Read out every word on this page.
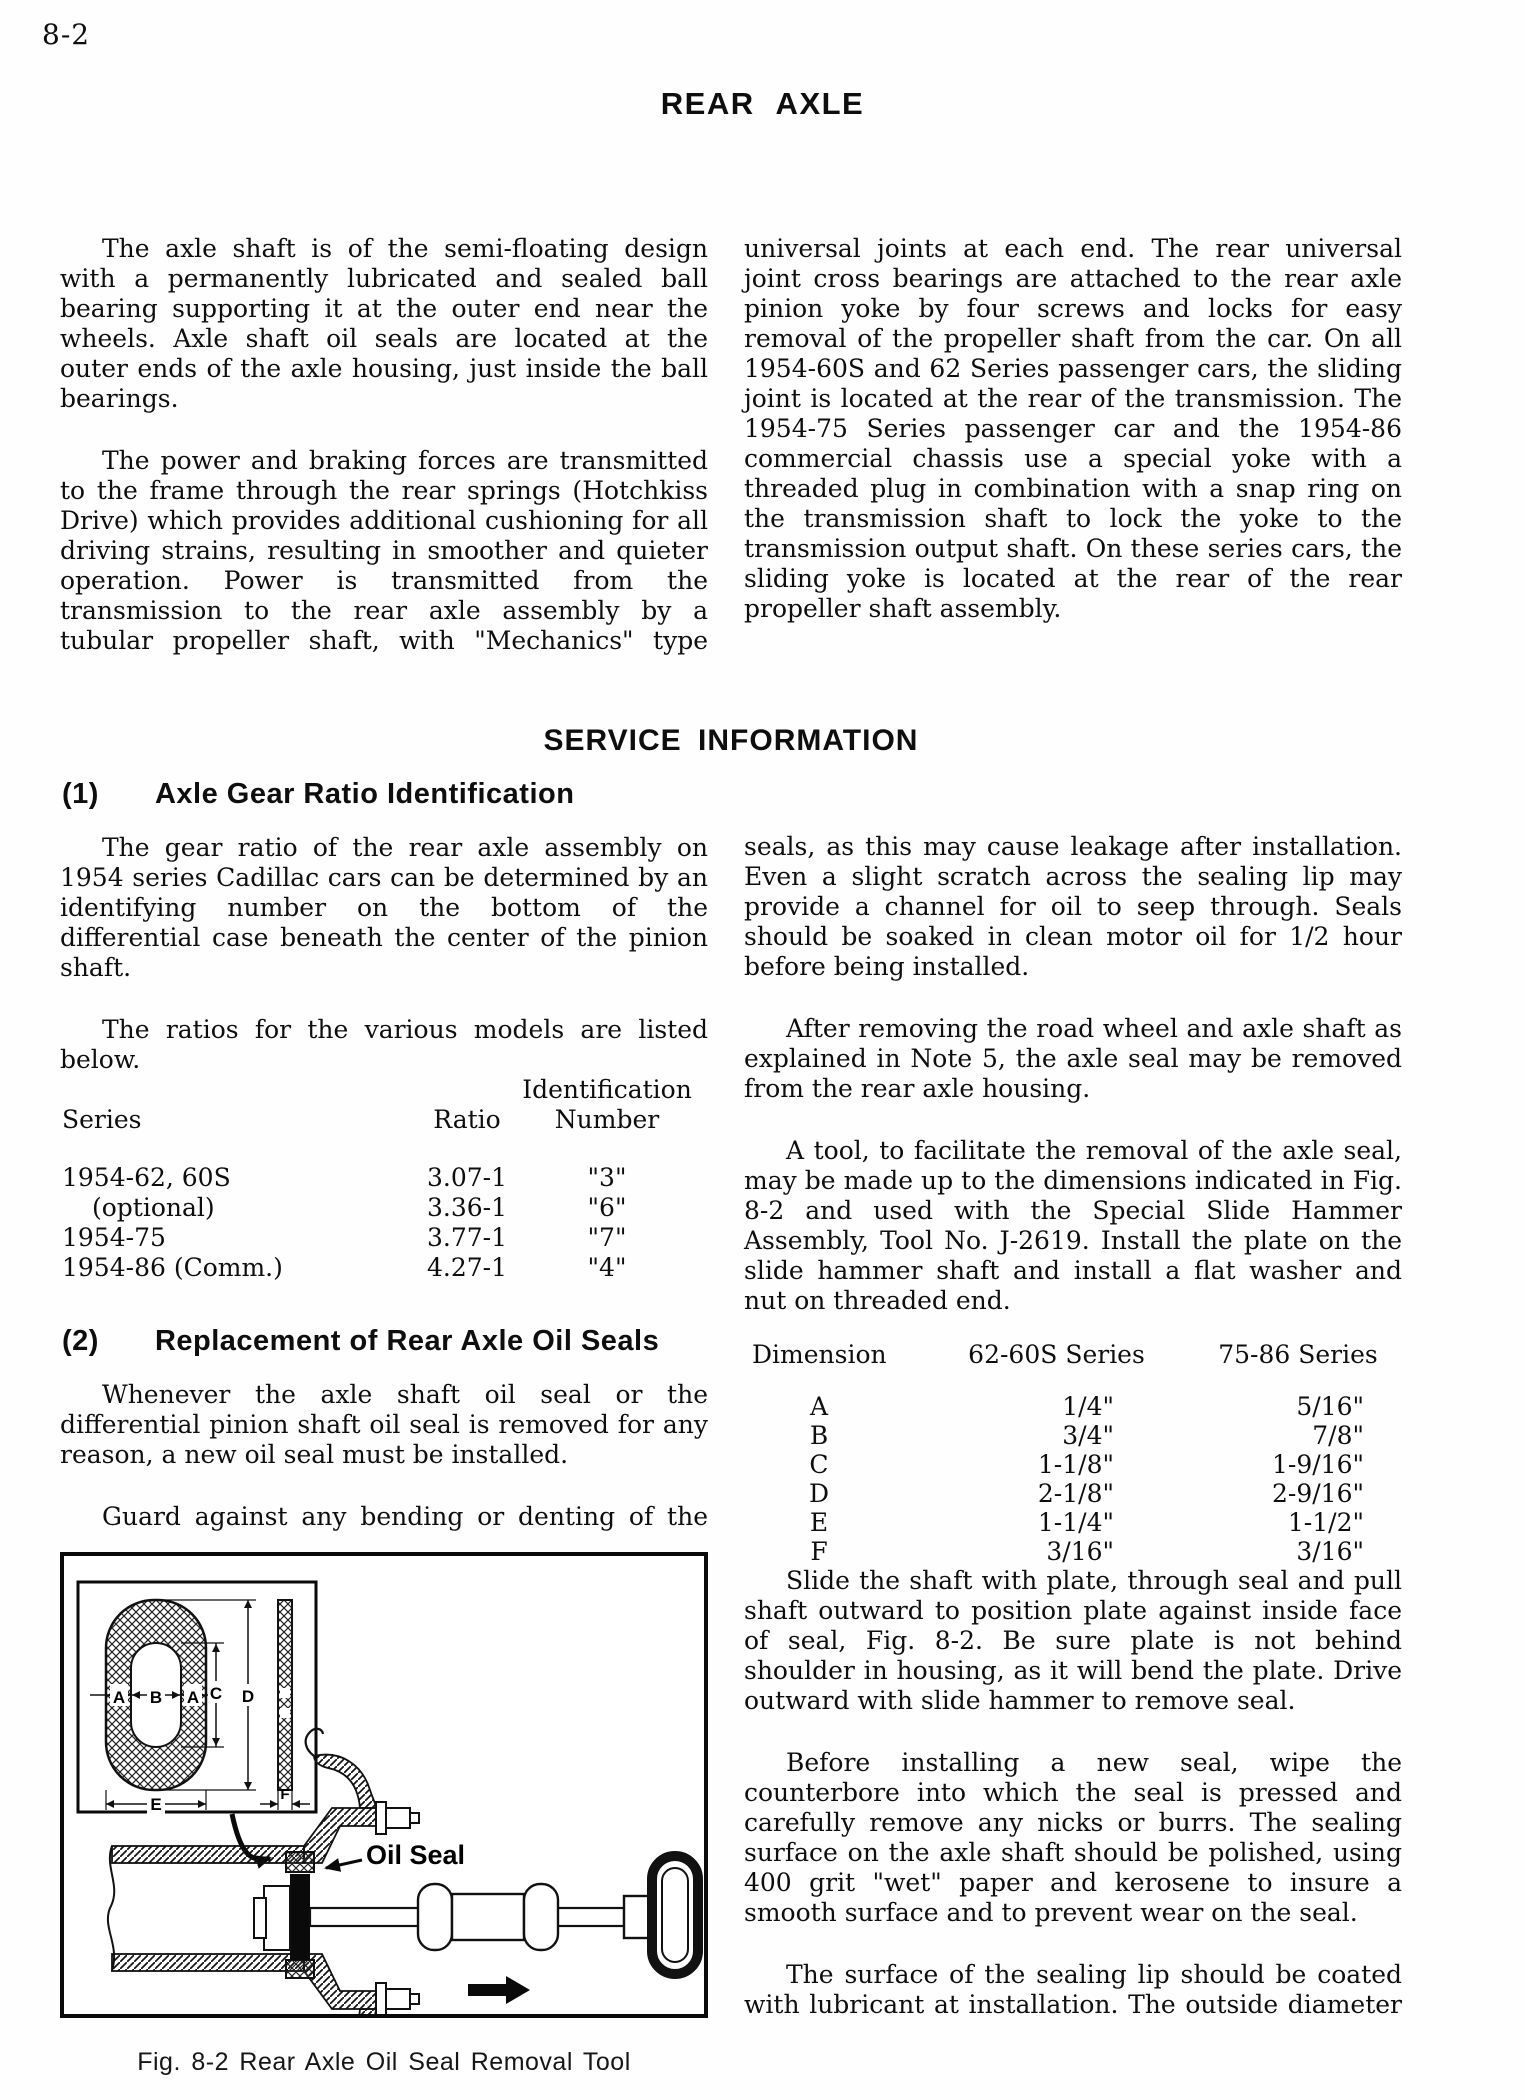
8-2
REAR AXLE

The axle shaft is of the semi-floating design with a permanently lubricated and sealed ball bearing supporting it at the outer end near the wheels. Axle shaft oil seals are located at the outer ends of the axle housing, just inside the ball bearings.

The power and braking forces are transmitted to the frame through the rear springs (Hotchkiss Drive) which provides additional cushioning for all driving strains, resulting in smoother and quieter operation. Power is transmitted from the transmission to the rear axle assembly by a tubular propeller shaft, with "Mechanics" type

universal joints at each end. The rear universal joint cross bearings are attached to the rear axle pinion yoke by four screws and locks for easy removal of the propeller shaft from the car. On all 1954-60S and 62 Series passenger cars, the sliding joint is located at the rear of the transmission. The 1954-75 Series passenger car and the 1954-86 commercial chassis use a special yoke with a threaded plug in combination with a snap ring on the transmission shaft to lock the yoke to the transmission output shaft. On these series cars, the sliding yoke is located at the rear of the rear propeller shaft assembly.

SERVICE INFORMATION
(1) Axle Gear Ratio Identification

The gear ratio of the rear axle assembly on 1954 series Cadillac cars can be determined by an identifying number on the bottom of the differential case beneath the center of the pinion shaft.

The ratios for the various models are listed below.

Identification
Series	Ratio	Number
1954-62, 60S	3.07-1	"3"
(optional)	3.36-1	"6"
1954-75	3.77-1	"7"
1954-86 (Comm.)	4.27-1	"4"
(2) Replacement of Rear Axle Oil Seals

Whenever the axle shaft oil seal or the differential pinion shaft oil seal is removed for any reason, a new oil seal must be installed.

Guard against any bending or denting of the

A B A C D
E
F
Oil Seal
Fig. 8-2 Rear Axle Oil Seal Removal Tool

seals, as this may cause leakage after installation. Even a slight scratch across the sealing lip may provide a channel for oil to seep through. Seals should be soaked in clean motor oil for 1/2 hour before being installed.

After removing the road wheel and axle shaft as explained in Note 5, the axle seal may be removed from the rear axle housing.

A tool, to facilitate the removal of the axle seal, may be made up to the dimensions indicated in Fig. 8-2 and used with the Special Slide Hammer Assembly, Tool No. J-2619. Install the plate on the slide hammer shaft and install a flat washer and nut on threaded end.

Dimension	62-60S Series	75-86 Series
A	1/4"	5/16"
B	3/4"	7/8"
C	1-1/8"	1-9/16"
D	2-1/8"	2-9/16"
E	1-1/4"	1-1/2"
F	3/16"	3/16"

Slide the shaft with plate, through seal and pull shaft outward to position plate against inside face of seal, Fig. 8-2. Be sure plate is not behind shoulder in housing, as it will bend the plate. Drive outward with slide hammer to remove seal.

Before installing a new seal, wipe the counterbore into which the seal is pressed and carefully remove any nicks or burrs. The sealing surface on the axle shaft should be polished, using 400 grit "wet" paper and kerosene to insure a smooth surface and to prevent wear on the seal.

The surface of the sealing lip should be coated with lubricant at installation. The outside diameter
